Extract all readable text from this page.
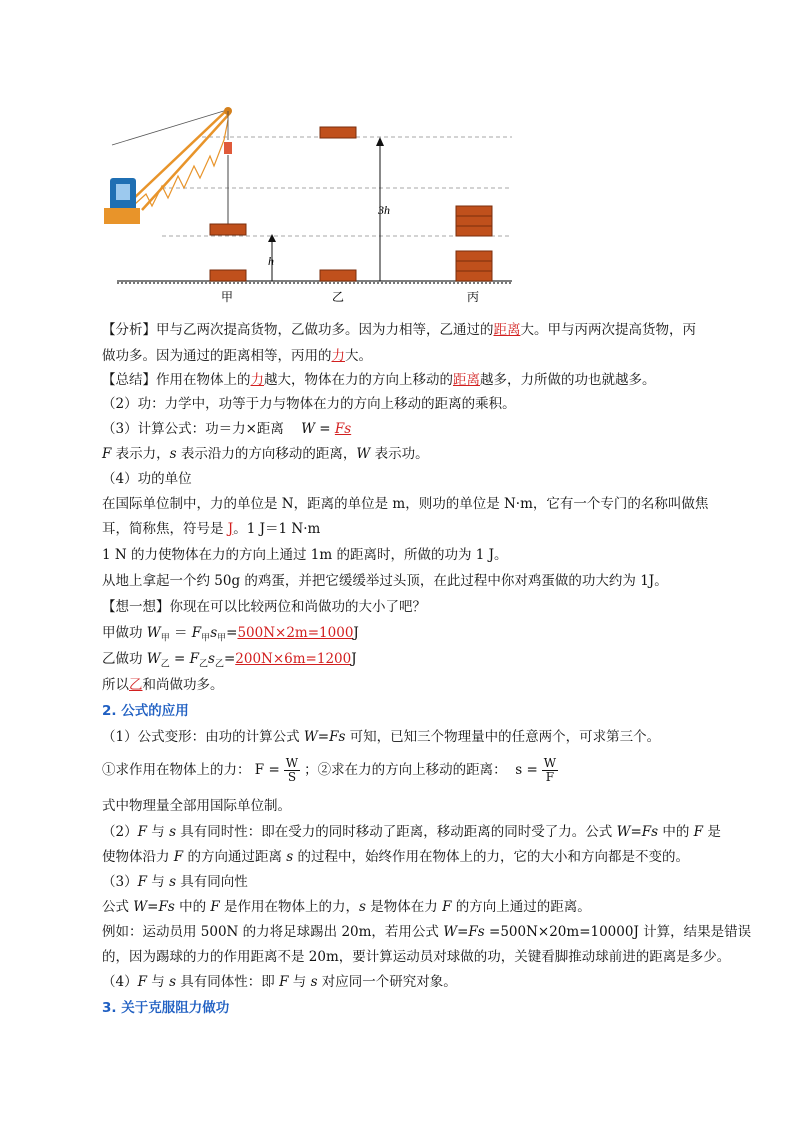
h
3h
甲	乙	丙
【分析】甲与乙两次提高货物，乙做功多。因为力相等，乙通过的距离大。甲与丙两次提高货物，丙
做功多。因为通过的距离相等，丙用的力大。
【总结】作用在物体上的力越大，物体在力的方向上移动的距离越多，力所做的功也就越多。
（2）功：力学中，功等于力与物体在力的方向上移动的距离的乘积。
（3）计算公式：功＝力×距离 W = Fs
F 表示力，s 表示沿力的方向移动的距离，W 表示功。
（4）功的单位
在国际单位制中，力的单位是 N，距离的单位是 m，则功的单位是 N·m，它有一个专门的名称叫做焦
耳，简称焦，符号是 J。1 J＝1 N·m
1 N 的力使物体在力的方向上通过 1m 的距离时，所做的功为 1 J。
从地上拿起一个约 50g 的鸡蛋，并把它缓缓举过头顶，在此过程中你对鸡蛋做的功大约为 1J。
【想一想】你现在可以比较两位和尚做功的大小了吧？
甲做功 $W_甲 = F_甲s_甲=500N\times 2m=1000J$
乙做功 $W_乙 = F_乙s_乙=200N\times 6m=1200J$
所以乙和尚做功多。
2. 公式的应用
（1）公式变形：由功的计算公式 W=Fs 可知，已知三个物理量中的任意两个，可求第三个。
①求作用在物体上的力： $F = \frac{W}{S}$ ；②求在力的方向上移动的距离： $s = \frac{W}{F}$
式中物理量全部用国际单位制。
（2）F 与 s 具有同时性：即在受力的同时移动了距离，移动距离的同时受了力。公式 W=Fs 中的 F 是
使物体沿力 F 的方向通过距离 s 的过程中，始终作用在物体上的力，它的大小和方向都是不变的。
（3）F 与 s 具有同向性
公式 W=Fs 中的 F 是作用在物体上的力，s 是物体在力 F 的方向上通过的距离。
例如：运动员用 500N 的力将足球踢出 20m，若用公式 W=Fs =500N×20m=10000J 计算，结果是错误
的，因为踢球的力的作用距离不是 20m，要计算运动员对球做的功，关键看脚推动球前进的距离是多少。
（4）F 与 s 具有同体性：即 F 与 s 对应同一个研究对象。
3. 关于克服阻力做功
